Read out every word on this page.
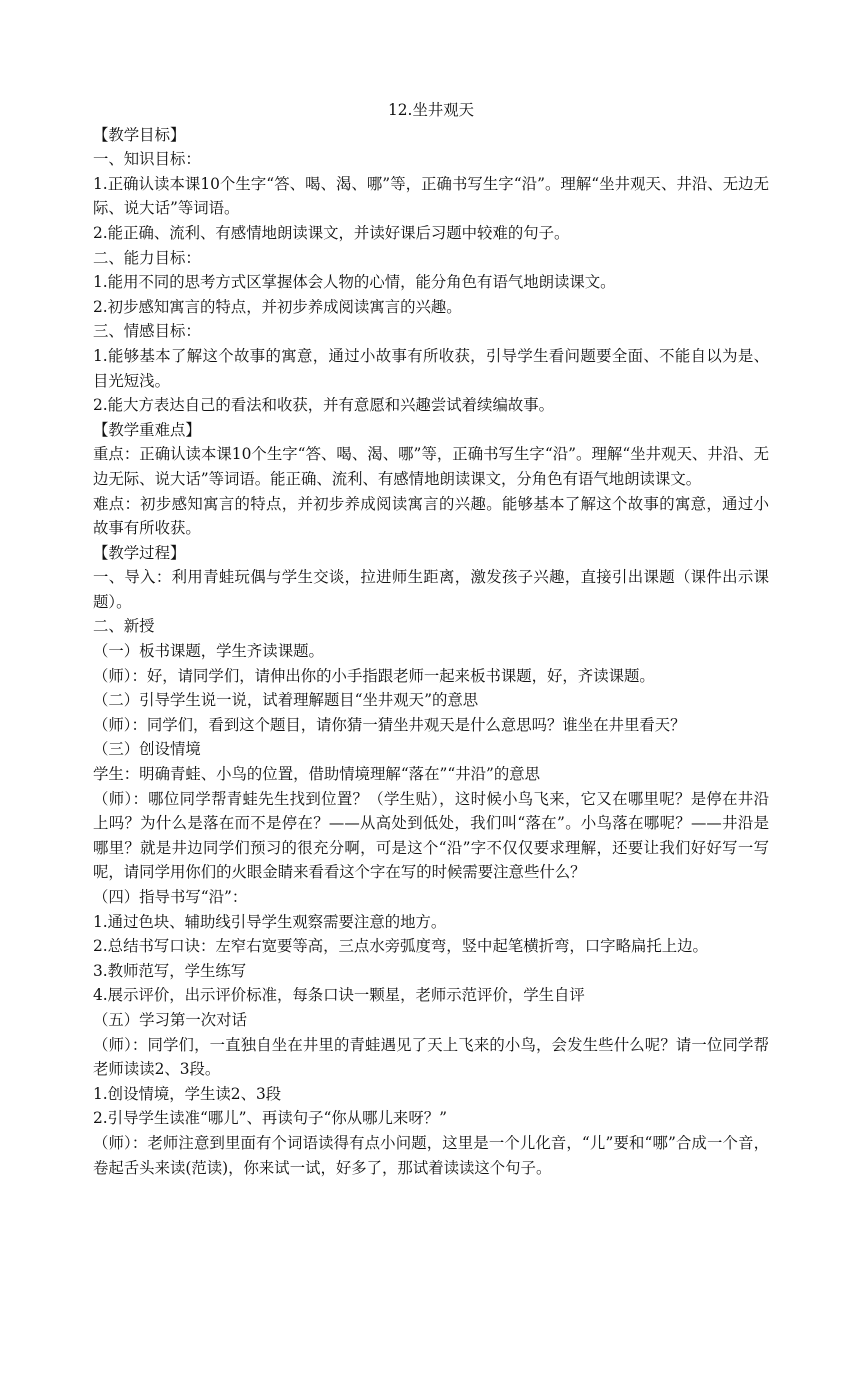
12.坐井观天

【教学目标】

一、知识目标：

1.正确认读本课10个生字“答、喝、渴、哪”等，正确书写生字“沿”。理解“坐井观天、井沿、无边无际、说大话”等词语。

2.能正确、流利、有感情地朗读课文，并读好课后习题中较难的句子。

二、能力目标：

1.能用不同的思考方式区掌握体会人物的心情，能分角色有语气地朗读课文。

2.初步感知寓言的特点，并初步养成阅读寓言的兴趣。

三、情感目标：

1.能够基本了解这个故事的寓意，通过小故事有所收获，引导学生看问题要全面、不能自以为是、目光短浅。

2.能大方表达自己的看法和收获，并有意愿和兴趣尝试着续编故事。

【教学重难点】

重点：正确认读本课10个生字“答、喝、渴、哪”等，正确书写生字“沿”。理解“坐井观天、井沿、无边无际、说大话”等词语。能正确、流利、有感情地朗读课文，分角色有语气地朗读课文。

难点：初步感知寓言的特点，并初步养成阅读寓言的兴趣。能够基本了解这个故事的寓意，通过小故事有所收获。

【教学过程】

一、导入：利用青蛙玩偶与学生交谈，拉进师生距离，激发孩子兴趣，直接引出课题（课件出示课题）。

二、新授

（一）板书课题，学生齐读课题。

（师）：好，请同学们，请伸出你的小手指跟老师一起来板书课题，好，齐读课题。

（二）引导学生说一说，试着理解题目“坐井观天”的意思

（师）：同学们，看到这个题目，请你猜一猜坐井观天是什么意思吗？谁坐在井里看天？

（三）创设情境

学生：明确青蛙、小鸟的位置，借助情境理解“落在”“井沿”的意思

（师）：哪位同学帮青蛙先生找到位置？（学生贴），这时候小鸟飞来，它又在哪里呢？是停在井沿上吗？为什么是落在而不是停在？——从高处到低处，我们叫“落在”。小鸟落在哪呢？——井沿是哪里？就是井边同学们预习的很充分啊，可是这个“沿”字不仅仅要求理解，还要让我们好好写一写呢，请同学用你们的火眼金睛来看看这个字在写的时候需要注意些什么？

（四）指导书写“沿”：

1.通过色块、辅助线引导学生观察需要注意的地方。

2.总结书写口诀：左窄右宽要等高，三点水旁弧度弯，竖中起笔横折弯，口字略扁托上边。

3.教师范写，学生练写

4.展示评价，出示评价标准，每条口诀一颗星，老师示范评价，学生自评

（五）学习第一次对话

（师）：同学们，一直独自坐在井里的青蛙遇见了天上飞来的小鸟，会发生些什么呢？请一位同学帮老师读读2、3段。

1.创设情境，学生读2、3段

2.引导学生读准“哪儿”、再读句子“你从哪儿来呀？”

（师）：老师注意到里面有个词语读得有点小问题，这里是一个儿化音，“儿”要和“哪”合成一个音，卷起舌头来读(范读)，你来试一试，好多了，那试着读读这个句子。
